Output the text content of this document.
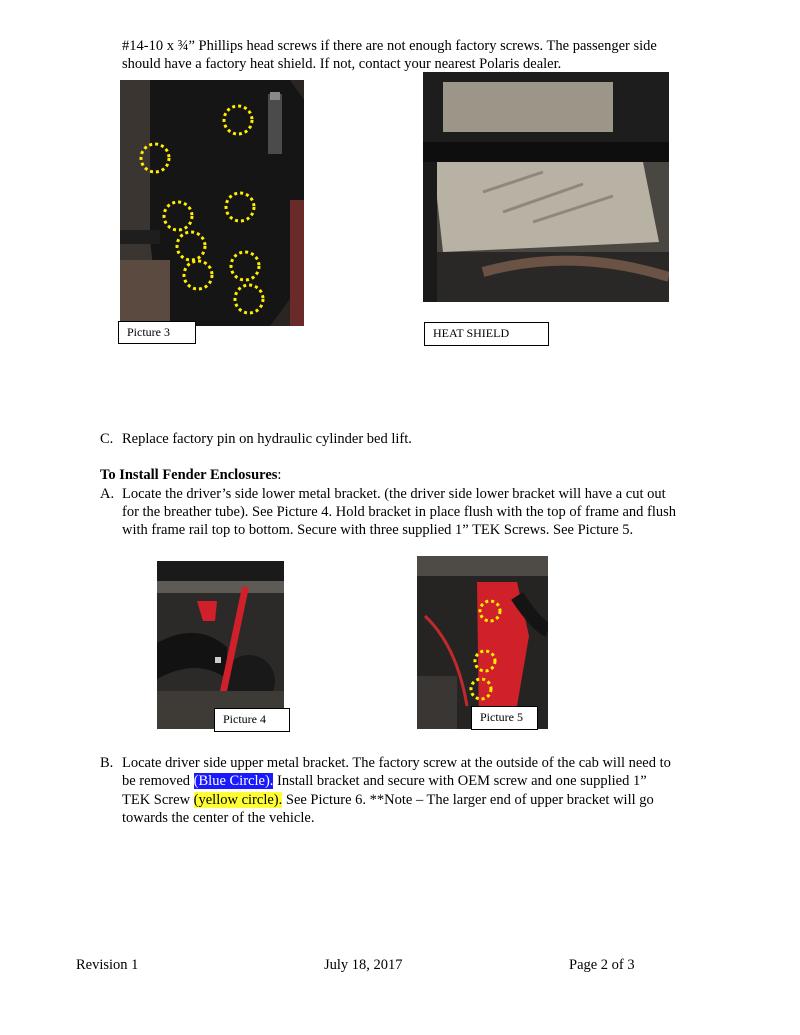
#14-10 x ¾” Phillips head screws if there are not enough factory screws. The passenger side
should have a factory heat shield. If not, contact your nearest Polaris dealer.
Picture 3	HEAT SHIELD
C. Replace factory pin on hydraulic cylinder bed lift.
To Install Fender Enclosures:
A. Locate the driver’s side lower metal bracket. (the driver side lower bracket will have a cut out
for the breather tube). See Picture 4. Hold bracket in place flush with the top of frame and flush
with frame rail top to bottom. Secure with three supplied 1” TEK Screws. See Picture 5.
Picture 4	Picture 5
B. Locate driver side upper metal bracket. The factory screw at the outside of the cab will need to
be removed (Blue Circle). Install bracket and secure with OEM screw and one supplied 1”
TEK Screw (yellow circle). See Picture 6. **Note – The larger end of upper bracket will go
towards the center of the vehicle.
Revision 1	July 18, 2017	Page 2 of 3
